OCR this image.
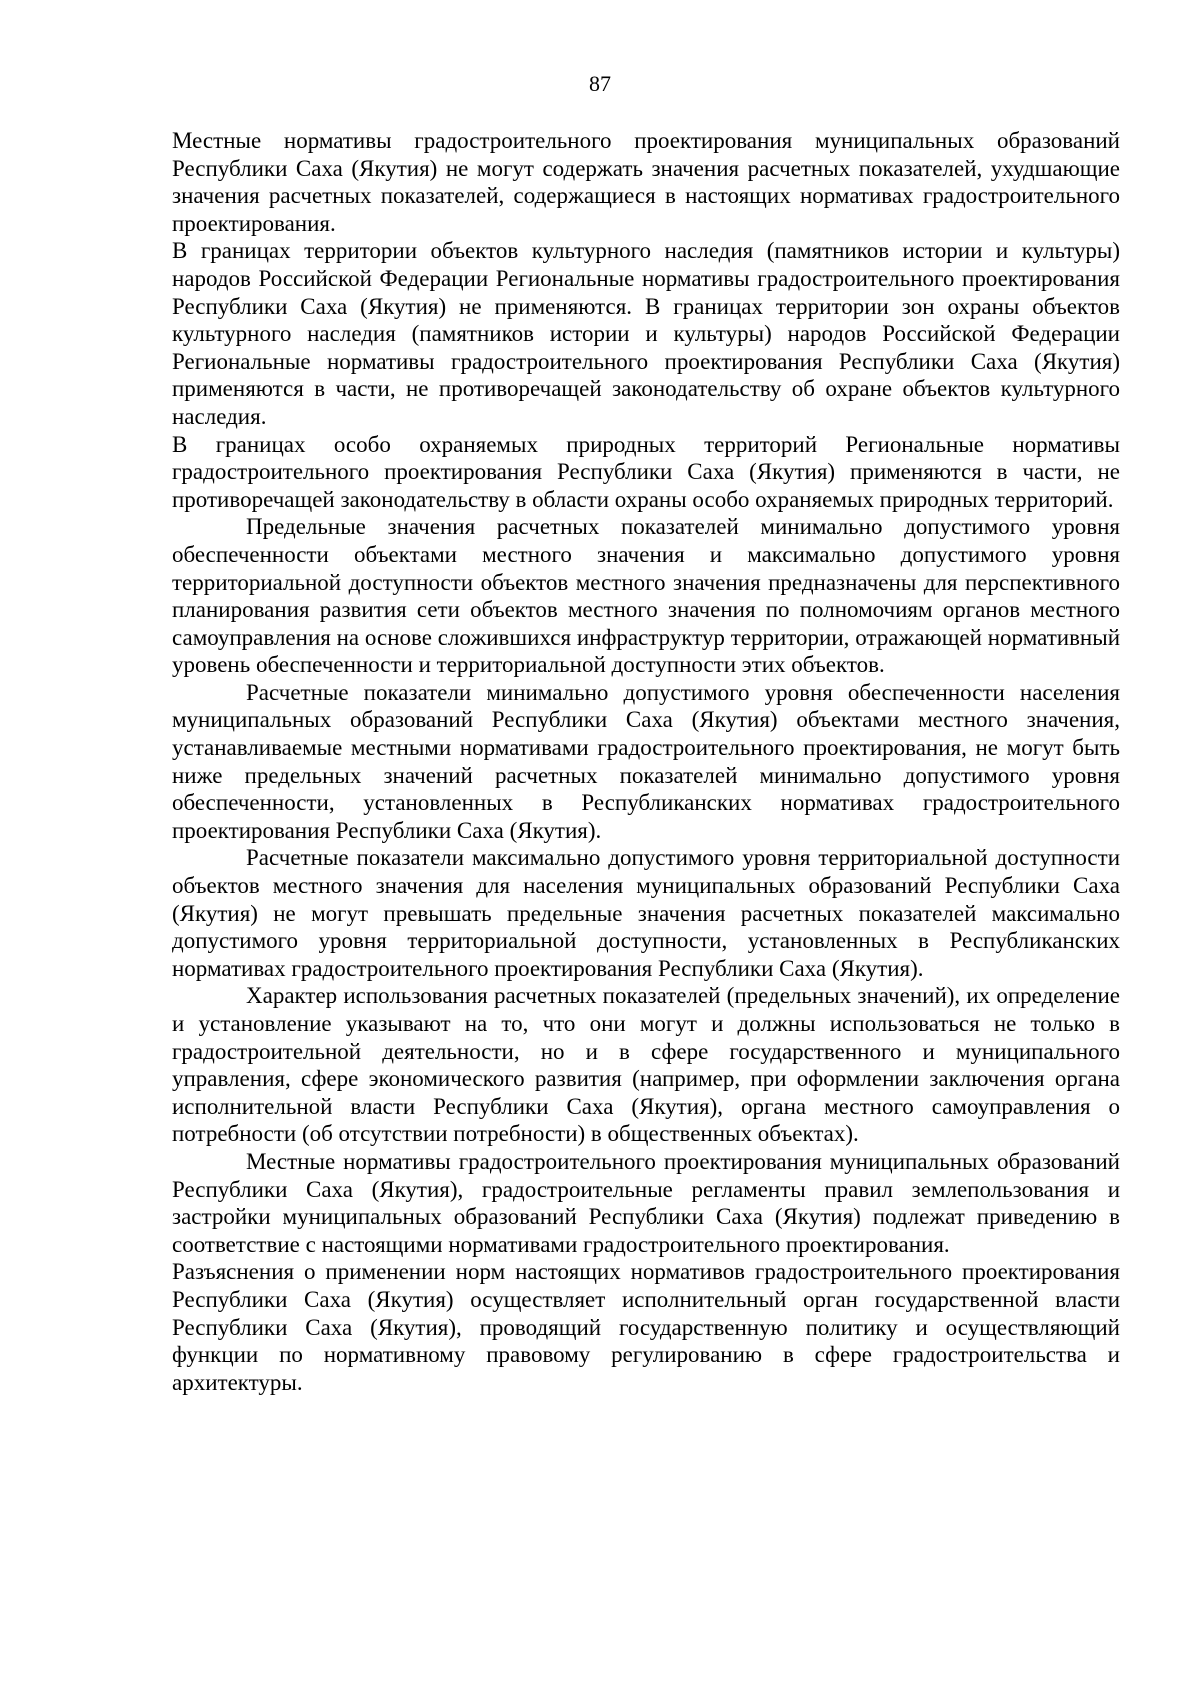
87

Местные нормативы градостроительного проектирования муниципальных образований Республики Саха (Якутия) не могут содержать значения расчетных показателей, ухудшающие значения расчетных показателей, содержащиеся в настоящих нормативах градостроительного проектирования.

В границах территории объектов культурного наследия (памятников истории и культуры) народов Российской Федерации Региональные нормативы градостроительного проектирования Республики Саха (Якутия) не применяются. В границах территории зон охраны объектов культурного наследия (памятников истории и культуры) народов Российской Федерации Региональные нормативы градостроительного проектирования Республики Саха (Якутия) применяются в части, не противоречащей законодательству об охране объектов культурного наследия.

В границах особо охраняемых природных территорий Региональные нормативы градостроительного проектирования Республики Саха (Якутия) применяются в части, не противоречащей законодательству в области охраны особо охраняемых природных территорий.

Предельные значения расчетных показателей минимально допустимого уровня обеспеченности объектами местного значения и максимально допустимого уровня территориальной доступности объектов местного значения предназначены для перспективного планирования развития сети объектов местного значения по полномочиям органов местного самоуправления на основе сложившихся инфраструктур территории, отражающей нормативный уровень обеспеченности и территориальной доступности этих объектов.

Расчетные показатели минимально допустимого уровня обеспеченности населения муниципальных образований Республики Саха (Якутия) объектами местного значения, устанавливаемые местными нормативами градостроительного проектирования, не могут быть ниже предельных значений расчетных показателей минимально допустимого уровня обеспеченности, установленных в Республиканских нормативах градостроительного проектирования Республики Саха (Якутия).

Расчетные показатели максимально допустимого уровня территориальной доступности объектов местного значения для населения муниципальных образований Республики Саха (Якутия) не могут превышать предельные значения расчетных показателей максимально допустимого уровня территориальной доступности, установленных в Республиканских нормативах градостроительного проектирования Республики Саха (Якутия).

Характер использования расчетных показателей (предельных значений), их определение и установление указывают на то, что они могут и должны использоваться не только в градостроительной деятельности, но и в сфере государственного и муниципального управления, сфере экономического развития (например, при оформлении заключения органа исполнительной власти Республики Саха (Якутия), органа местного самоуправления о потребности (об отсутствии потребности) в общественных объектах).

Местные нормативы градостроительного проектирования муниципальных образований Республики Саха (Якутия), градостроительные регламенты правил землепользования и застройки муниципальных образований Республики Саха (Якутия) подлежат приведению в соответствие с настоящими нормативами градостроительного проектирования.

Разъяснения о применении норм настоящих нормативов градостроительного проектирования Республики Саха (Якутия) осуществляет исполнительный орган государственной власти Республики Саха (Якутия), проводящий государственную политику и осуществляющий функции по нормативному правовому регулированию в сфере градостроительства и архитектуры.
